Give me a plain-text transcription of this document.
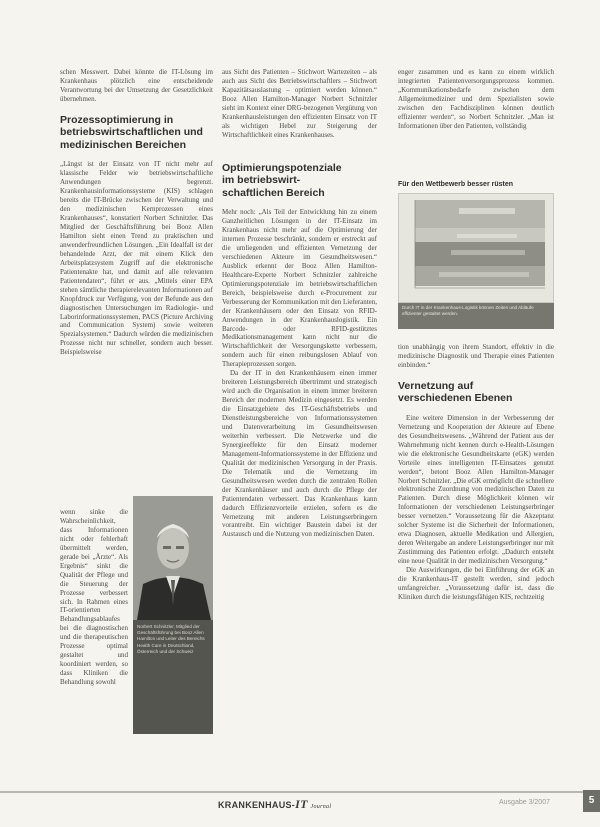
schen Messwert. Dabei könnte die IT-Lösung im Krankenhaus plötzlich eine entscheidende Verantwortung bei der Umsetzung der Gesetzlichkeit übernehmen.

Prozessoptimierung in
betriebswirtschaftlichen und
medizinischen Bereichen

„Längst ist der Einsatz von IT nicht mehr auf klassische Felder wie betriebswirtschaftliche Anwendungen begrenzt. Krankenhausinformationssysteme (KIS) schlagen bereits die IT-Brücke zwischen der Verwaltung und den medizinischen Kernprozessen eines Krankenhauses“, konstatiert Norbert Schnitzler. Das Mitglied der Geschäftsführung bei Booz Allen Hamilton sieht einen Trend zu praktischen und anwenderfreundlichen Lösungen. „Ein Idealfall ist der behandelnde Arzt, der mit einem Klick den Arbeitsplatzsystem Zugriff auf die elektronische Patientenakte hat, und damit auf alle relevanten Patientendaten“, führt er aus. „Mittels einer EPA stehen sämtliche therapierelevanten Informationen auf Knopfdruck zur Verfügung, von der Befunde aus den diagnostischen Untersuchungen im Radiologie- und Laborinformationssystemen, PACS (Picture Archiving and Communication System) sowie weiteren Spezialsystemen.“ Dadurch würden die medizinischen Prozesse nicht nur schneller, sondern auch besser. Beispielsweise

wenn sinke die Wahrscheinlichkeit, dass Informationen nicht oder fehlerhaft übermittelt werden, gerade bei „Ärzte“. Als Ergebnis“ sinkt die Qualität der Pflege und die Steuerung der Prozesse verbessert sich. In Rahmen eines IT-orientierten Behandlungsablaufes bei die diagnostischen und die therapeutischen Prozesse optimal gestaltet und koordiniert werden, so dass Kliniken die Behandlung sowohl

Norbert Schnitzler, Mitglied der Geschäftsführung bei Booz Allen Hamilton und Leiter des Bereichs Health Care in Deutschland, Österreich und der Schweiz

aus Sicht des Patienten – Stichwort Wartezeiten – als auch aus Sicht des Betriebswirtschaftlers – Stichwort Kapazitätsauslastung – optimiert werden können.“ Booz Allen Hamilton-Manager Norbert Schnitzler sieht im Kontext einer DRG-bezogenen Vergütung von Krankenhausleistungen den effizienten Einsatz von IT als wichtigen Hebel zur Steigerung der Wirtschaftlichkeit eines Krankenhauses.

Optimierungspotenziale
im betriebswirt-
schaftlichen Bereich

Mehr noch: „Als Teil der Entwicklung hin zu einem Ganzheitlichen Lösungen in der IT-Einsatz im Krankenhaus nicht mehr auf die Optimierung der internen Prozesse beschränkt, sondern er erstreckt auf die umliegenden und effizienten Vernetzung der verschiedenen Akteure im Gesundheitswesen.“ Ausblick erkennt der Booz Allen Hamilton-Healthcare-Experte Norbert Schnitzler zahlreiche Optimierungspotenziale im betriebswirtschaftlichen Bereich, beispielsweise durch e-Procurement zur Verbesserung der Kommunikation mit den Lieferanten, der Krankenhäusern oder den Einsatz von RFID-Anwendungen in der Krankenhauslogistik. Ein Barcode- oder RFID-gestütztes Medikationsmanagement kann nicht nur die Wirtschaftlichkeit der Versorgungskette verbessern, sondern auch für einen reibungslosen Ablauf von Therapieprozessen sorgen.

Da der IT in den Krankenhäusern einen immer breiteren Leistungsbereich übertrimmt und strategisch wird auch die Organisation in einem immer breiteren Bereich der modernen Medizin eingesetzt. Es werden die Einsatzgebiete des IT-Geschäftsbetriebs und Dienstleistungsbereiche von Informationssystemen und Datenverarbeitung im Gesundheitswesen weiterhin verbessert. Die Netzwerke und die Synergieeffekte für den Einsatz moderner Management-Informationssysteme in der Effizienz und Qualität der medizinischen Versorgung in der Praxis. Die Telematik und die Vernetzung im Gesundheitswesen werden durch die zentralen Rollen der Krankenhäuser und auch durch die Pflege der Patientendaten verbessert. Das Krankenhaus kann dadurch Effizienzvorteile erzielen, sofern es die Vernetzung mit anderen Leistungserbringern vorantreibt. Ein wichtiger Baustein dabei ist der Austausch und die Nutzung von medizinischen Daten.

enger zusammen und es kann zu einem wirklich integrierten Patientenversorgungsprozess kommen. „Kommunikationsbedarfe zwischen dem Allgemeinmediziner und dem Spezialisten sowie zwischen den Fachdisziplinen können deutlich effizienter werden“, so Norbert Schnitzler. „Man ist Informationen über den Patienten, vollständig

Für den Wettbewerb besser rüsten
Durch IT in der Krankenhaus-Logistik können Zeiten und Abläufe effizienter gestaltet werden.

tion unabhängig von ihrem Standort, effektiv in die medizinische Diagnostik und Therapie eines Patienten einbinden.“

Vernetzung auf
verschiedenen Ebenen

Eine weitere Dimension in der Verbesserung der Vernetzung und Kooperation der Akteure auf Ebene des Gesundheitswesens. „Während der Patient aus der Wahrnehmung nicht kennen durch e-Health-Lösungen wie die elektronische Gesundheitskarte (eGK) werden Vorteile eines intelligenten IT-Einsatzes genutzt werden“, betont Booz Allen Hamilton-Manager Norbert Schnitzler. „Die eGK ermöglicht die schnellere elektronische Zuordnung von medizinischen Daten zu Patienten. Durch diese Möglichkeit können wir Informationen der verschiedenen Leistungserbringer besser vernetzen.“ Voraussetzung für die Akzeptanz solcher Systeme ist die Sicherheit der Informationen, etwa Diagnosen, aktuelle Medikation und Allergien, deren Weitergabe an andere Leistungserbringer nur mit Zustimmung des Patienten erfolgt. „Dadurch entsteht eine neue Qualität in der medizinischen Versorgung.“

Die Auswirkungen, die bei Einführung der eGK an die Krankenhaus-IT gestellt werden, sind jedoch umfangreicher. „Voraussetzung dafür ist, dass die Kliniken durch die leistungsfähigen KIS, rechtzeitig

KRANKENHAUS-IT Journal
Ausgabe 3/2007	5
